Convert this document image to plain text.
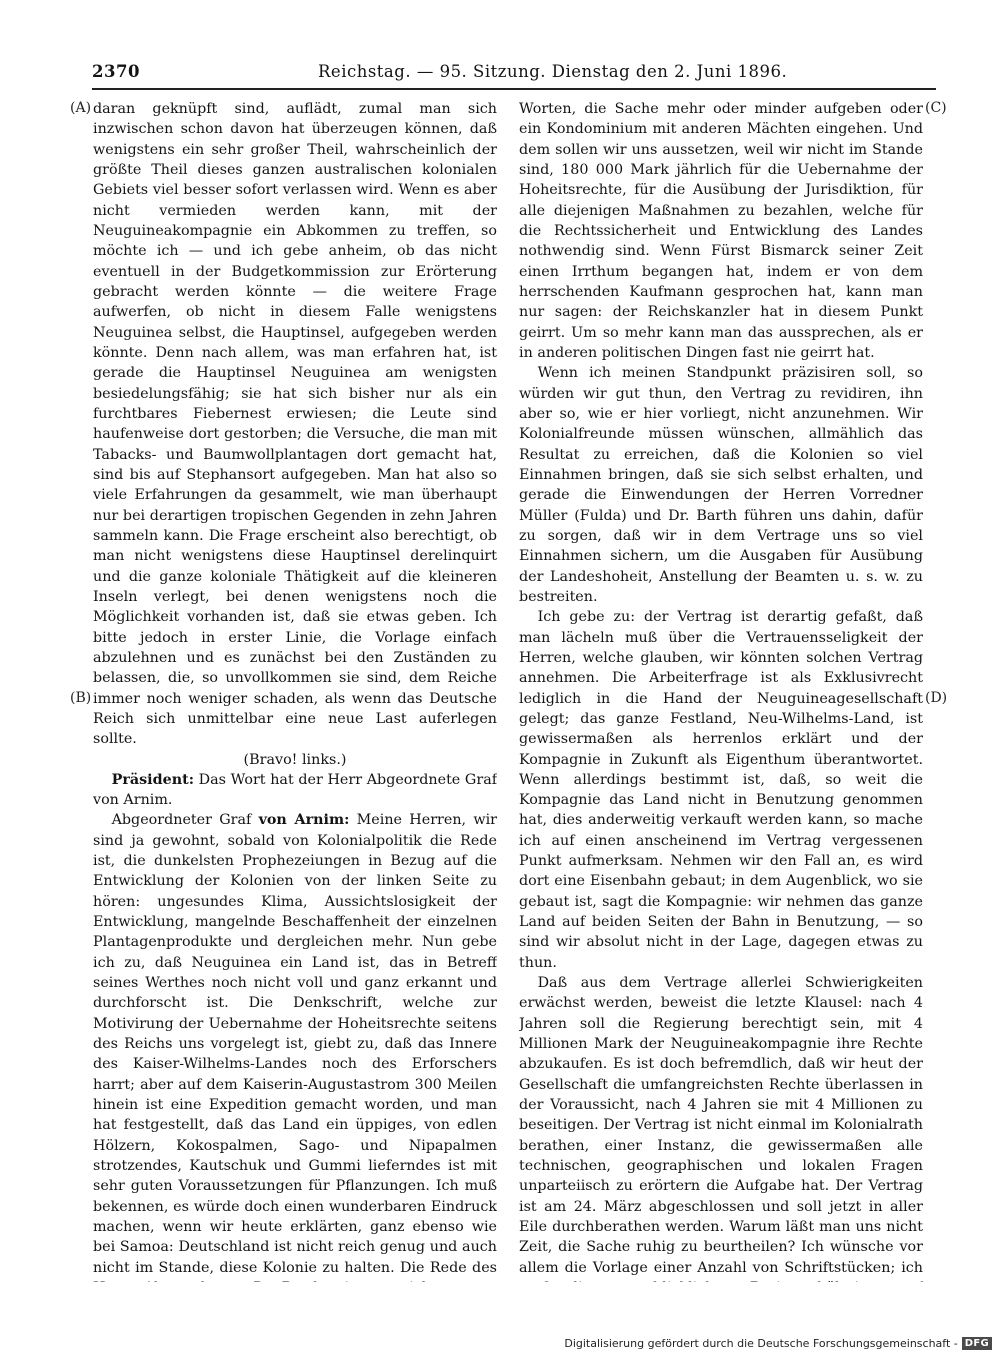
2370	Reichstag. — 95. Sitzung. Dienstag den 2. Juni 1896.
(A)
(B)
(C)
(D)

daran geknüpft sind, auflädt, zumal man sich inzwischen schon davon hat überzeugen können, daß wenigstens ein sehr großer Theil, wahrscheinlich der größte Theil dieses ganzen australischen kolonialen Gebiets viel besser sofort verlassen wird. Wenn es aber nicht vermieden werden kann, mit der Neuguineakompagnie ein Abkommen zu treffen, so möchte ich — und ich gebe anheim, ob das nicht eventuell in der Budgetkommission zur Erörterung gebracht werden könnte — die weitere Frage aufwerfen, ob nicht in diesem Falle wenigstens Neuguinea selbst, die Hauptinsel, aufgegeben werden könnte. Denn nach allem, was man erfahren hat, ist gerade die Hauptinsel Neuguinea am wenigsten besiedelungsfähig; sie hat sich bisher nur als ein furchtbares Fiebernest erwiesen; die Leute sind haufenweise dort gestorben; die Versuche, die man mit Tabacks- und Baumwollplantagen dort gemacht hat, sind bis auf Stephansort aufgegeben. Man hat also so viele Erfahrungen da gesammelt, wie man überhaupt nur bei derartigen tropischen Gegenden in zehn Jahren sammeln kann. Die Frage erscheint also berechtigt, ob man nicht wenigstens diese Hauptinsel derelinquirt und die ganze koloniale Thätigkeit auf die kleineren Inseln verlegt, bei denen wenigstens noch die Möglichkeit vorhanden ist, daß sie etwas geben. Ich bitte jedoch in erster Linie, die Vorlage einfach abzulehnen und es zunächst bei den Zuständen zu belassen, die, so unvollkommen sie sind, dem Reiche immer noch weniger schaden, als wenn das Deutsche Reich sich unmittelbar eine neue Last auferlegen sollte.

(Bravo! links.)

Präsident: Das Wort hat der Herr Abgeordnete Graf von Arnim.

Abgeordneter Graf von Arnim: Meine Herren, wir sind ja gewohnt, sobald von Kolonialpolitik die Rede ist, die dunkelsten Prophezeiungen in Bezug auf die Entwicklung der Kolonien von der linken Seite zu hören: ungesundes Klima, Aussichtslosigkeit der Entwicklung, mangelnde Beschaffenheit der einzelnen Plantagenprodukte und dergleichen mehr. Nun gebe ich zu, daß Neuguinea ein Land ist, das in Betreff seines Werthes noch nicht voll und ganz erkannt und durchforscht ist. Die Denkschrift, welche zur Motivirung der Uebernahme der Hoheitsrechte seitens des Reichs uns vorgelegt ist, giebt zu, daß das Innere des Kaiser-Wilhelms-Landes noch des Erforschers harrt; aber auf dem Kaiserin-Augustastrom 300 Meilen hinein ist eine Expedition gemacht worden, und man hat festgestellt, daß das Land ein üppiges, von edlen Hölzern, Kokospalmen, Sago- und Nipapalmen strotzendes, Kautschuk und Gummi lieferndes ist mit sehr guten Voraussetzungen für Pflanzungen. Ich muß bekennen, es würde doch einen wunderbaren Eindruck machen, wenn wir heute erklärten, ganz ebenso wie bei Samoa: Deutschland ist nicht reich genug und auch nicht im Stande, diese Kolonie zu halten. Die Rede des

Worten, die Sache mehr oder minder aufgeben oder ein Kondominium mit anderen Mächten eingehen. Und dem sollen wir uns aussetzen, weil wir nicht im Stande sind, 180 000 Mark jährlich für die Uebernahme der Hoheitsrechte, für die Ausübung der Jurisdiktion, für alle diejenigen Maßnahmen zu bezahlen, welche für die Rechtssicherheit und Entwicklung des Landes nothwendig sind. Wenn Fürst Bismarck seiner Zeit einen Irrthum begangen hat, indem er von dem herrschenden Kaufmann gesprochen hat, kann man nur sagen: der Reichskanzler hat in diesem Punkt geirrt. Um so mehr kann man das aussprechen, als er in anderen politischen Dingen fast nie geirrt hat.

Wenn ich meinen Standpunkt präzisiren soll, so würden wir gut thun, den Vertrag zu revidiren, ihn aber so, wie er hier vorliegt, nicht anzunehmen. Wir Kolonialfreunde müssen wünschen, allmählich das Resultat zu erreichen, daß die Kolonien so viel Einnahmen bringen, daß sie sich selbst erhalten, und gerade die Einwendungen der Herren Vorredner Müller (Fulda) und Dr. Barth führen uns dahin, dafür zu sorgen, daß wir in dem Vertrage uns so viel Einnahmen sichern, um die Ausgaben für Ausübung der Landeshoheit, Anstellung der Beamten u. s. w. zu bestreiten.

Ich gebe zu: der Vertrag ist derartig gefaßt, daß man lächeln muß über die Vertrauensseligkeit der Herren, welche glauben, wir könnten solchen Vertrag annehmen. Die Arbeiterfrage ist als Exklusivrecht lediglich in die Hand der Neuguineagesellschaft gelegt; das ganze Festland, Neu-Wilhelms-Land, ist gewissermaßen als herrenlos erklärt und der Kompagnie in Zukunft als Eigenthum überantwortet. Wenn allerdings bestimmt ist, daß, so weit die Kompagnie das Land nicht in Benutzung genommen hat, dies anderweitig verkauft werden kann, so mache ich auf einen anscheinend im Vertrag vergessenen Punkt aufmerksam. Nehmen wir den Fall an, es wird dort eine Eisenbahn gebaut; in dem Augenblick, wo sie gebaut ist, sagt die Kompagnie: wir nehmen das ganze Land auf beiden Seiten der Bahn in Benutzung, — so sind wir absolut nicht in der Lage, dagegen etwas zu thun.

Daß aus dem Vertrage allerlei Schwierigkeiten erwächst werden, beweist die letzte Klausel: nach 4 Jahren soll die Regierung berechtigt sein, mit 4 Millionen Mark der Neuguineakompagnie ihre Rechte abzukaufen. Es ist doch befremdlich, daß wir heut der Gesellschaft die umfangreichsten Rechte überlassen in der Voraussicht, nach 4 Jahren sie mit 4 Millionen zu beseitigen. Der Vertrag ist nicht einmal im Kolonialrath berathen, einer Instanz, die gewissermaßen alle technischen, geographischen und lokalen Fragen unparteiisch zu erörtern die Aufgabe hat. Der Vertrag ist am 24. März abgeschlossen und soll jetzt in aller Eile durchberathen werden. Warum läßt man uns nicht Zeit, die Sache ruhig zu beurtheilen? Ich wünsche vor allem die Vorlage einer Anzahl von Schriftstücken; ich

Digitalisierung gefördert durch die Deutsche Forschungsgemeinschaft - DFG
